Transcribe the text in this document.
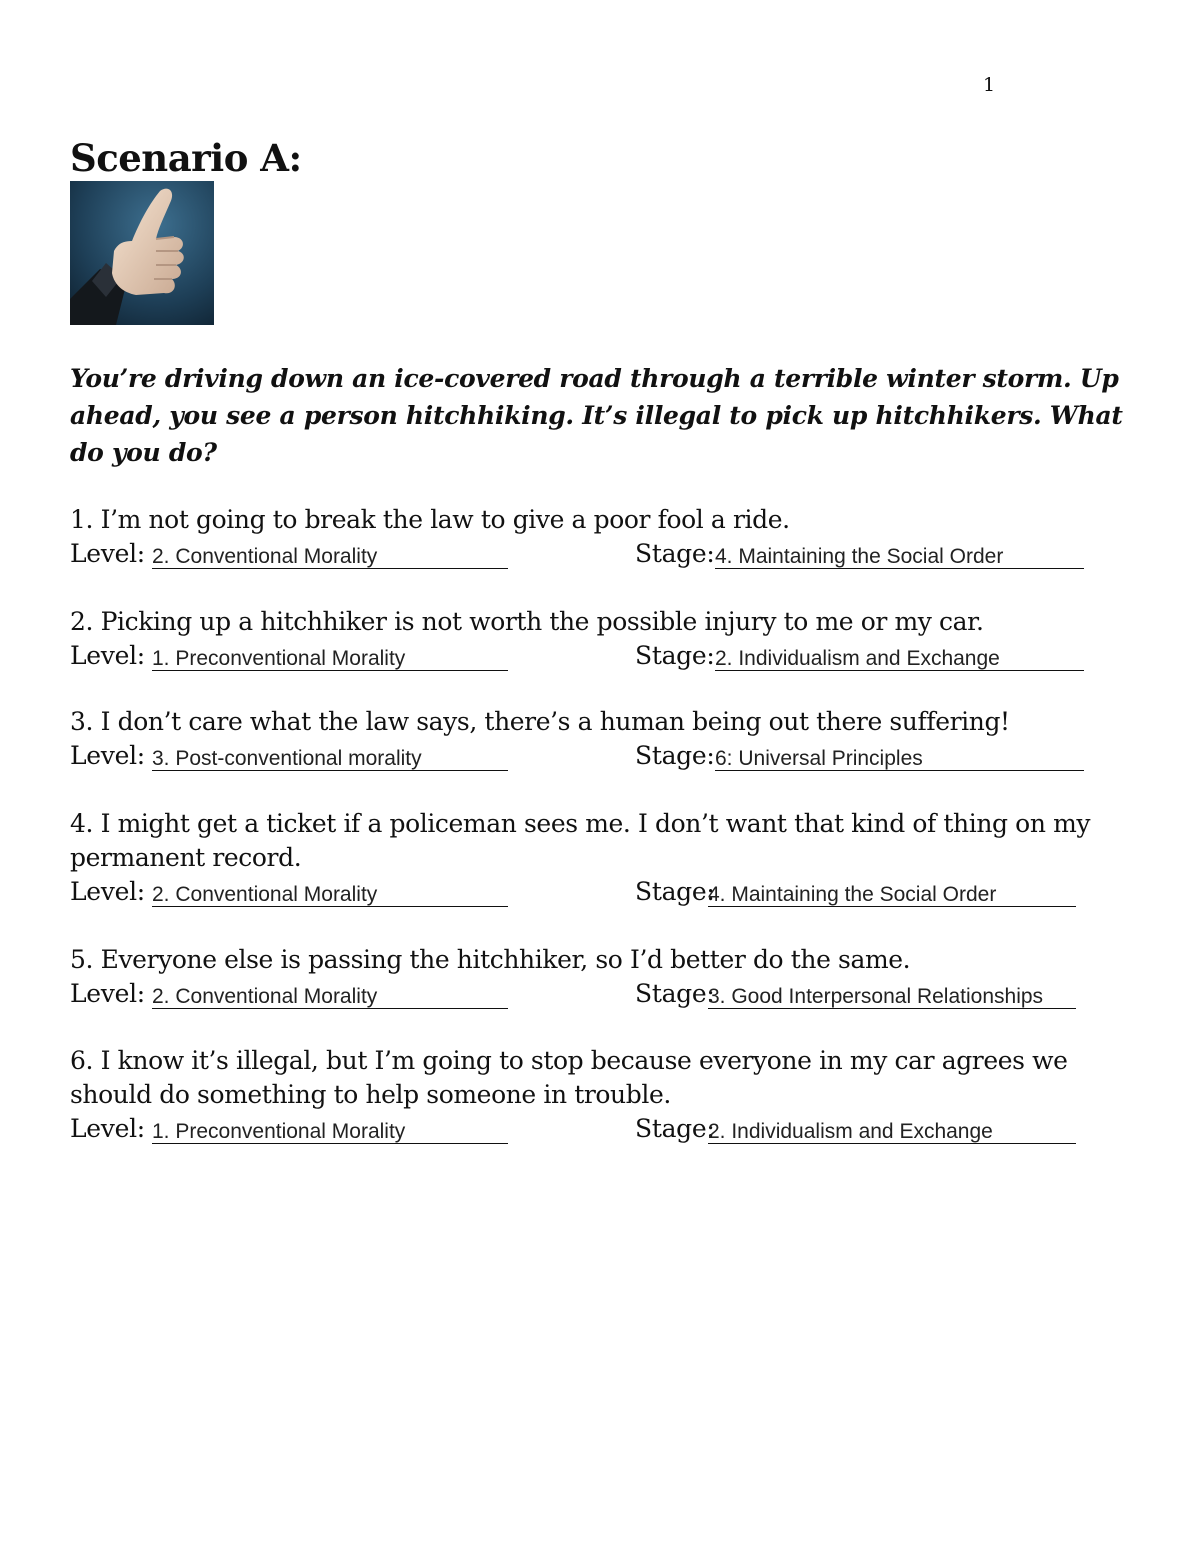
1
Scenario A:

You’re driving down an ice-covered road through a terrible winter storm. Up ahead, you see a person hitchhiking. It’s illegal to pick up hitchhikers. What do you do?

1. I’m not going to break the law to give a poor fool a ride.
Level: 2. Conventional Morality	Stage: 4. Maintaining the Social Order
2. Picking up a hitchhiker is not worth the possible injury to me or my car.
Level: 1. Preconventional Morality	Stage: 2. Individualism and Exchange
3. I don’t care what the law says, there’s a human being out there suffering!
Level: 3. Post-conventional morality	Stage: 6: Universal Principles
4. I might get a ticket if a policeman sees me. I don’t want that kind of thing on my permanent record.
Level: 2. Conventional Morality	Stage:
4. Maintaining the Social Order
5. Everyone else is passing the hitchhiker, so I’d better do the same.
Level: 2. Conventional Morality	Stage:
3. Good Interpersonal Relationships
6. I know it’s illegal, but I’m going to stop because everyone in my car agrees we should do something to help someone in trouble.
Level: 1. Preconventional Morality	Stage:
2. Individualism and Exchange
